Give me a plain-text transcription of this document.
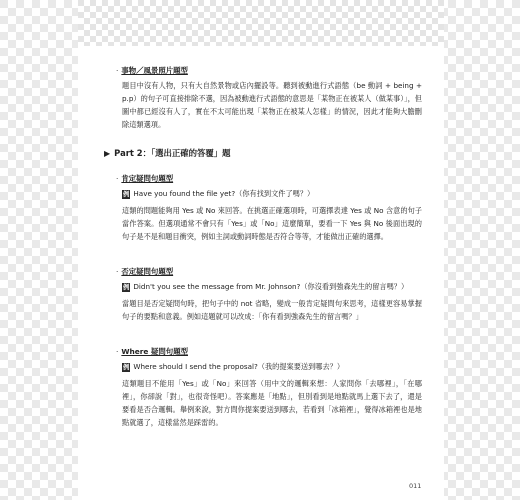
· 事物／風景照片題型

題目中沒有人物，只有大自然景物或店內擺設等。聽到被動進行式語態（be 動詞 + being + p.p）的句子可直接排除不選，因為被動進行式語態的意思是「某物正在被某人（做某事）」，但圖中都已經沒有人了，實在不太可能出現「某物正在被某人怎樣」的情況，因此才能夠大膽刪除這類選項。

▶ Part 2：「選出正確的答覆」題
· 肯定疑問句題型
例 Have you found the file yet?（你有找到文件了嗎？）

這類的問題能夠用 Yes 或 No 來回答。在挑選正確選項時，可選擇表達 Yes 或 No 含意的句子當作答案。但選項通常不會只有「Yes」或「No」這麼簡單，要看一下 Yes 與 No 後面出現的句子是不是和題目衝突，例如主詞或動詞時態是否符合等等，才能做出正確的選擇。

· 否定疑問句題型
例 Didn't you see the message from Mr. Johnson?（你沒看到強森先生的留言嗎？）

當題目是否定疑問句時，把句子中的 not 省略，變成一般肯定疑問句來思考，這樣更容易掌握句子的要點和意義。例如這題就可以改成：「你有看到強森先生的留言嗎？」

· Where 疑問句題型
例 Where should I send the proposal?（我的提案要送到哪去？）

這類題目不能用「Yes」或「No」來回答（用中文的邏輯來想：人家問你「去哪裡」，「在哪裡」，你卻說「對」，也很奇怪吧）。答案應是「地點」，但別看到是地點就馬上選下去了，還是要看是否合邏輯。舉例來說，對方問你提案要送到哪去，若看到「冰箱裡」，覺得冰箱裡也是地點就選了，這樣當然是踩雷的。

011
